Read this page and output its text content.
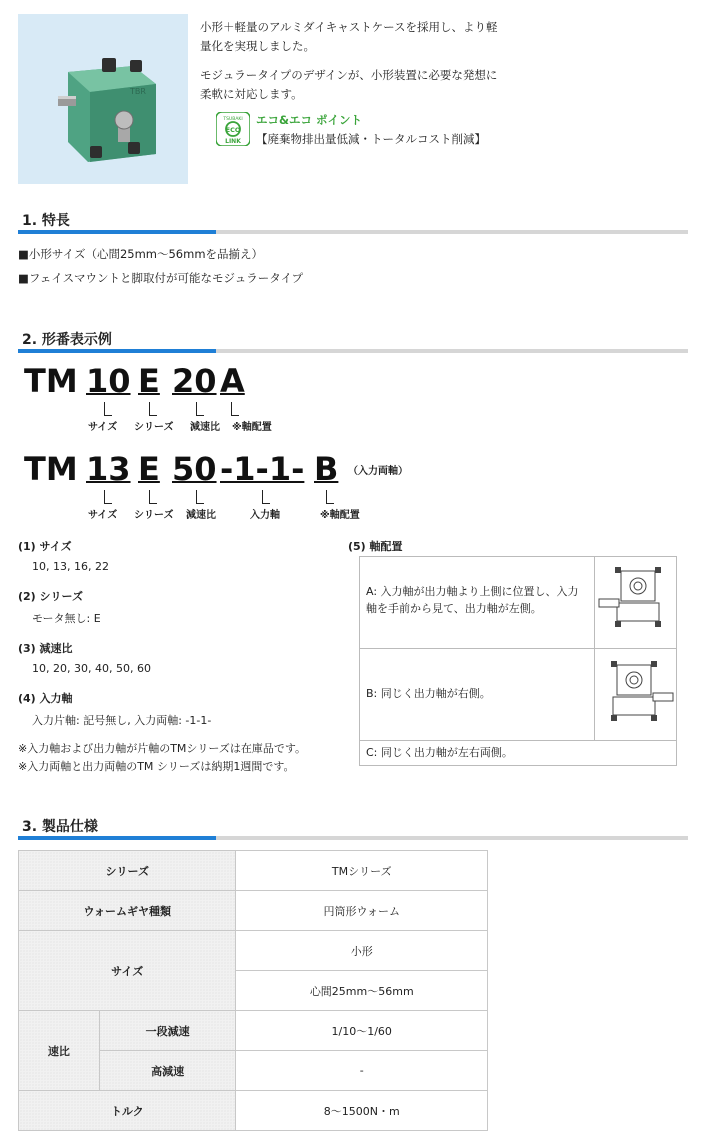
TBR

小形＋軽量のアルミダイキャストケースを採用し、より軽量化を実現しました。

モジュラータイプのデザインが、小形装置に必要な発想に柔軟に対応します。

TSUBAKI
ECO
LINK
エコ&エコ ポイント
【廃棄物排出量低減・トータルコスト削減】
1. 特長
■小形サイズ（心間25mm〜56mmを品揃え）
■フェイスマウントと脚取付が可能なモジュラータイプ
2. 形番表示例
TM 10 E 20 A
サイズ シリーズ 減速比 ※軸配置
TM 13 E 50 -1-1- B （入力両軸）
サイズ シリーズ 減速比	入力軸	※軸配置
(1) サイズ
10, 13, 16, 22
(2) シリーズ
モータ無し: E
(3) 減速比
10, 20, 30, 40, 50, 60
(4) 入力軸
入力片軸: 記号無し, 入力両軸: -1-1-
※入力軸および出力軸が片軸のTMシリーズは在庫品です。
※入力両軸と出力両軸のTM シリーズは納期1週間です。
(5) 軸配置
A: 入力軸が出力軸より上側に位置し、入力軸を手前から見て、出力軸が左側。
B: 同じく出力軸が右側。
C: 同じく出力軸が左右両側。
3. 製品仕様
シリーズ		TMシリーズ
ウォームギヤ種類		円筒形ウォーム
サイズ		小形
		心間25mm〜56mm
速比	一段減速	1/10〜1/60
	高減速	-
トルク		8〜1500N・m
